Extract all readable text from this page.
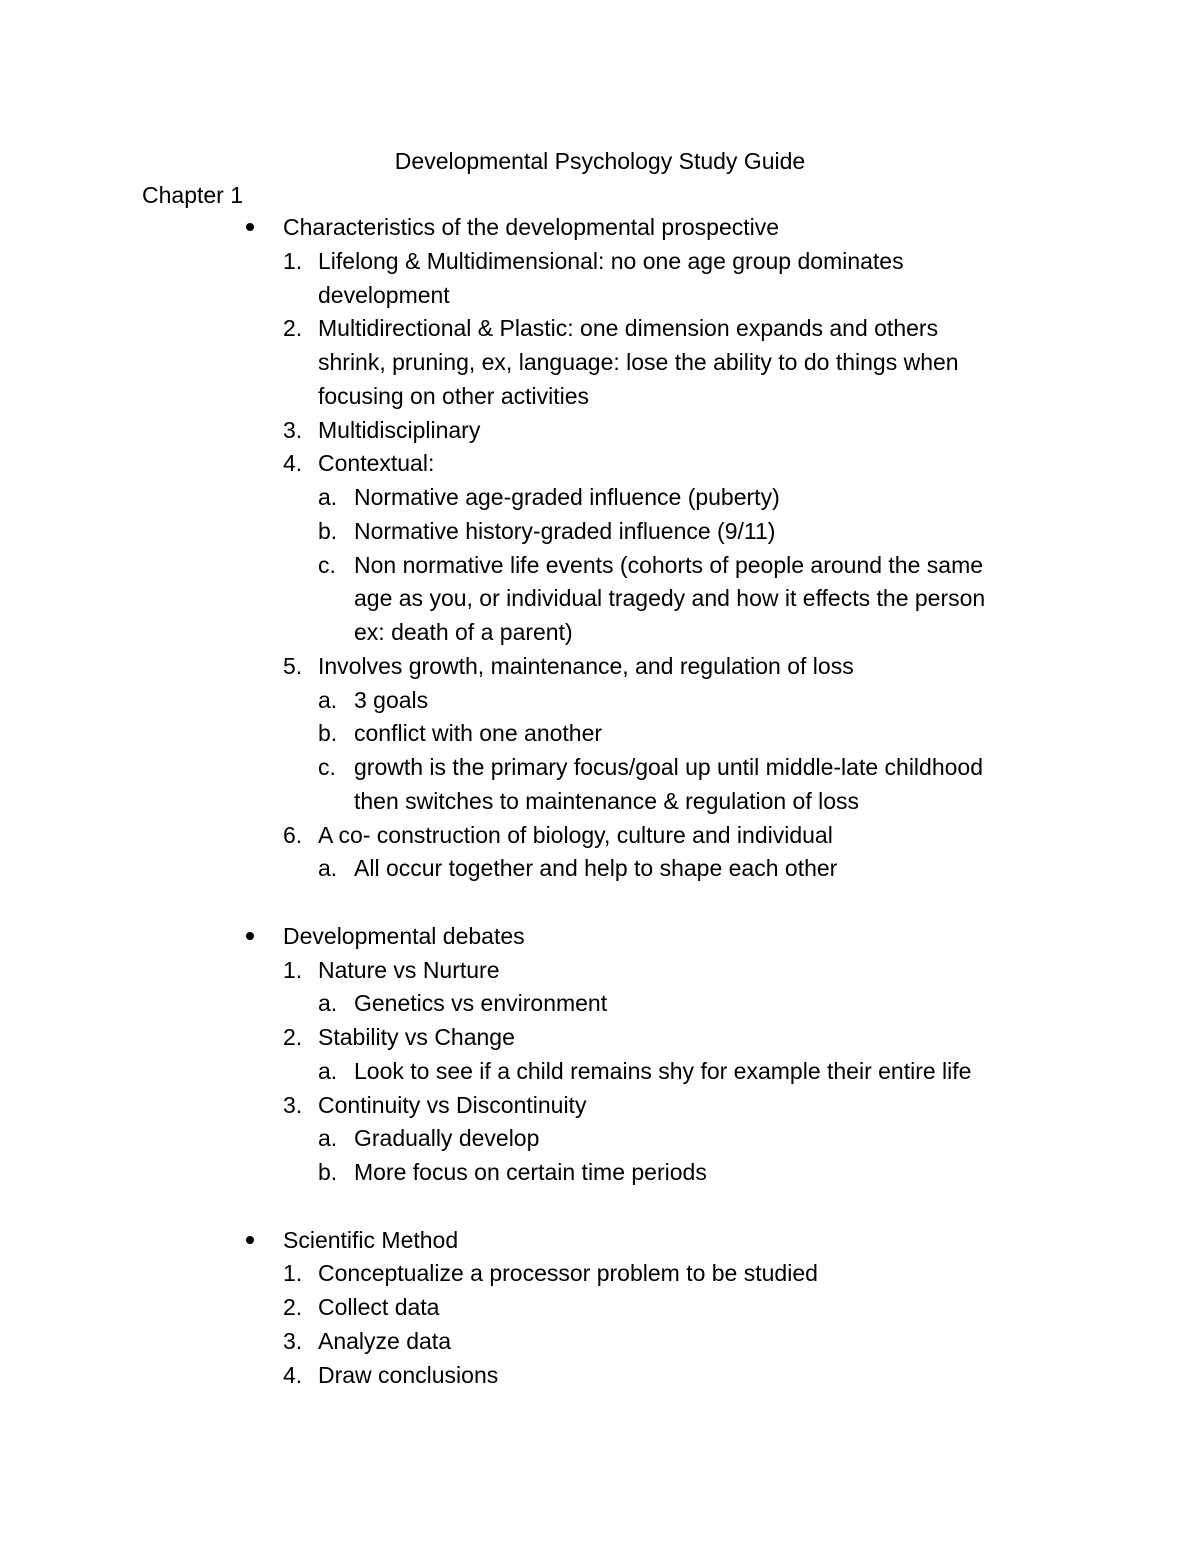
Developmental Psychology Study Guide
Chapter 1
Characteristics of the developmental prospective
1. Lifelong & Multidimensional: no one age group dominates
development
2. Multidirectional & Plastic: one dimension expands and others
shrink, pruning, ex, language: lose the ability to do things when
focusing on other activities
3. Multidisciplinary
4. Contextual:
a. Normative age-graded influence (puberty)
b. Normative history-graded influence (9/11)
c. Non normative life events (cohorts of people around the same
age as you, or individual tragedy and how it effects the person
ex: death of a parent)
5. Involves growth, maintenance, and regulation of loss
a. 3 goals
b. conflict with one another
c. growth is the primary focus/goal up until middle-late childhood
then switches to maintenance & regulation of loss
6. A co- construction of biology, culture and individual
a. All occur together and help to shape each other
Developmental debates
1. Nature vs Nurture
a. Genetics vs environment
2. Stability vs Change
a. Look to see if a child remains shy for example their entire life
3. Continuity vs Discontinuity
a. Gradually develop
b. More focus on certain time periods
Scientific Method
1. Conceptualize a processor problem to be studied
2. Collect data
3. Analyze data
4. Draw conclusions
